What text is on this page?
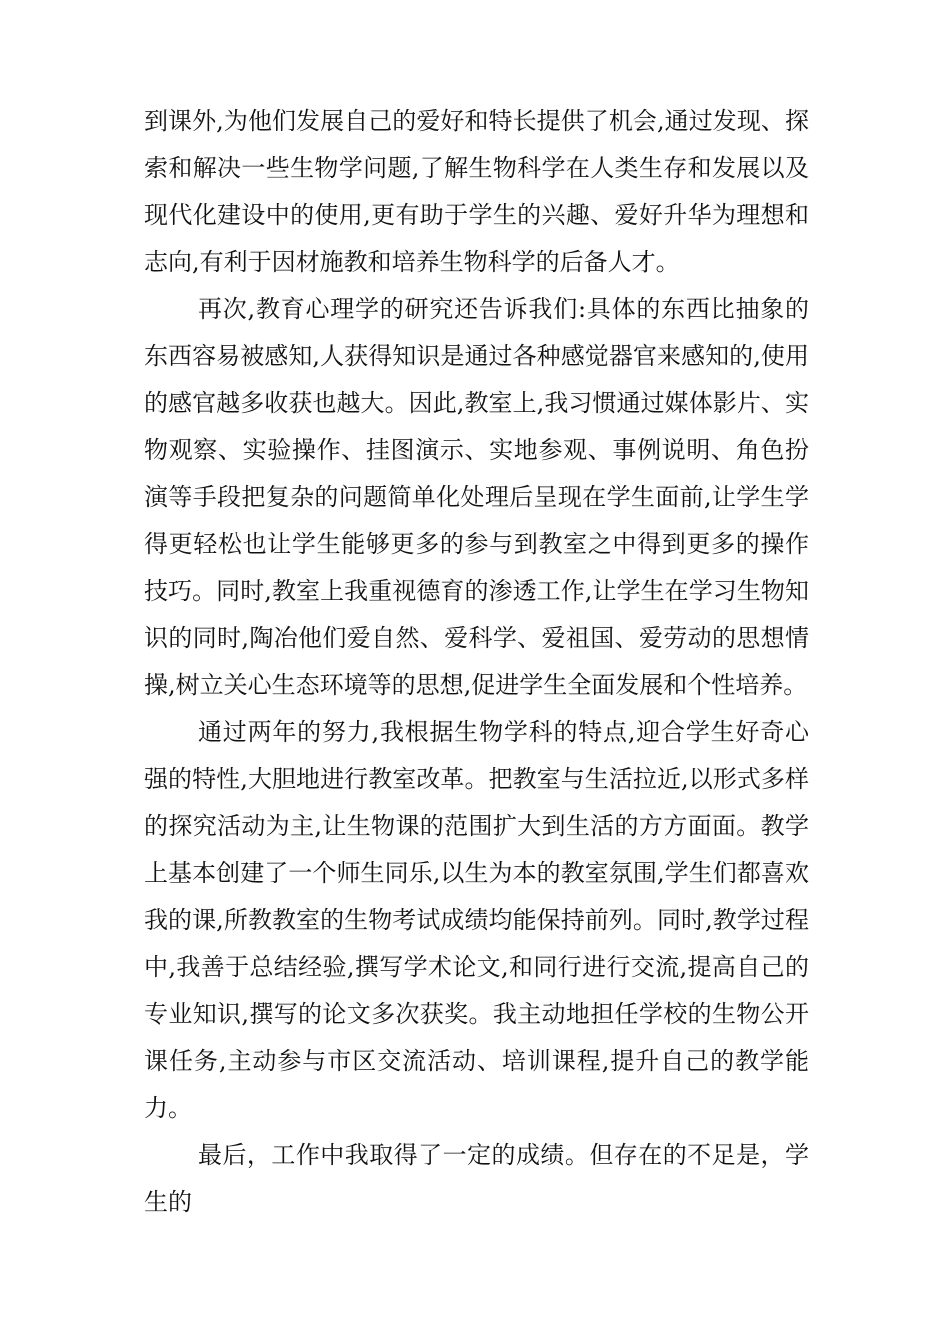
到课外,为他们发展自己的爱好和特长提供了机会,通过发现、探索和解决一些生物学问题,了解生物科学在人类生存和发展以及现代化建设中的使用,更有助于学生的兴趣、爱好升华为理想和志向,有利于因材施教和培养生物科学的后备人才。

再次,教育心理学的研究还告诉我们:具体的东西比抽象的东西容易被感知,人获得知识是通过各种感觉器官来感知的,使用的感官越多收获也越大。因此,教室上,我习惯通过媒体影片、实物观察、实验操作、挂图演示、实地参观、事例说明、角色扮演等手段把复杂的问题简单化处理后呈现在学生面前,让学生学得更轻松也让学生能够更多的参与到教室之中得到更多的操作技巧。同时,教室上我重视德育的渗透工作,让学生在学习生物知识的同时,陶冶他们爱自然、爱科学、爱祖国、爱劳动的思想情操,树立关心生态环境等的思想,促进学生全面发展和个性培养。

通过两年的努力,我根据生物学科的特点,迎合学生好奇心强的特性,大胆地进行教室改革。把教室与生活拉近,以形式多样的探究活动为主,让生物课的范围扩大到生活的方方面面。教学上基本创建了一个师生同乐,以生为本的教室氛围,学生们都喜欢我的课,所教教室的生物考试成绩均能保持前列。同时,教学过程中,我善于总结经验,撰写学术论文,和同行进行交流,提高自己的专业知识,撰写的论文多次获奖。我主动地担任学校的生物公开课任务,主动参与市区交流活动、培训课程,提升自己的教学能力。

最后，工作中我取得了一定的成绩。但存在的不足是，学生的
